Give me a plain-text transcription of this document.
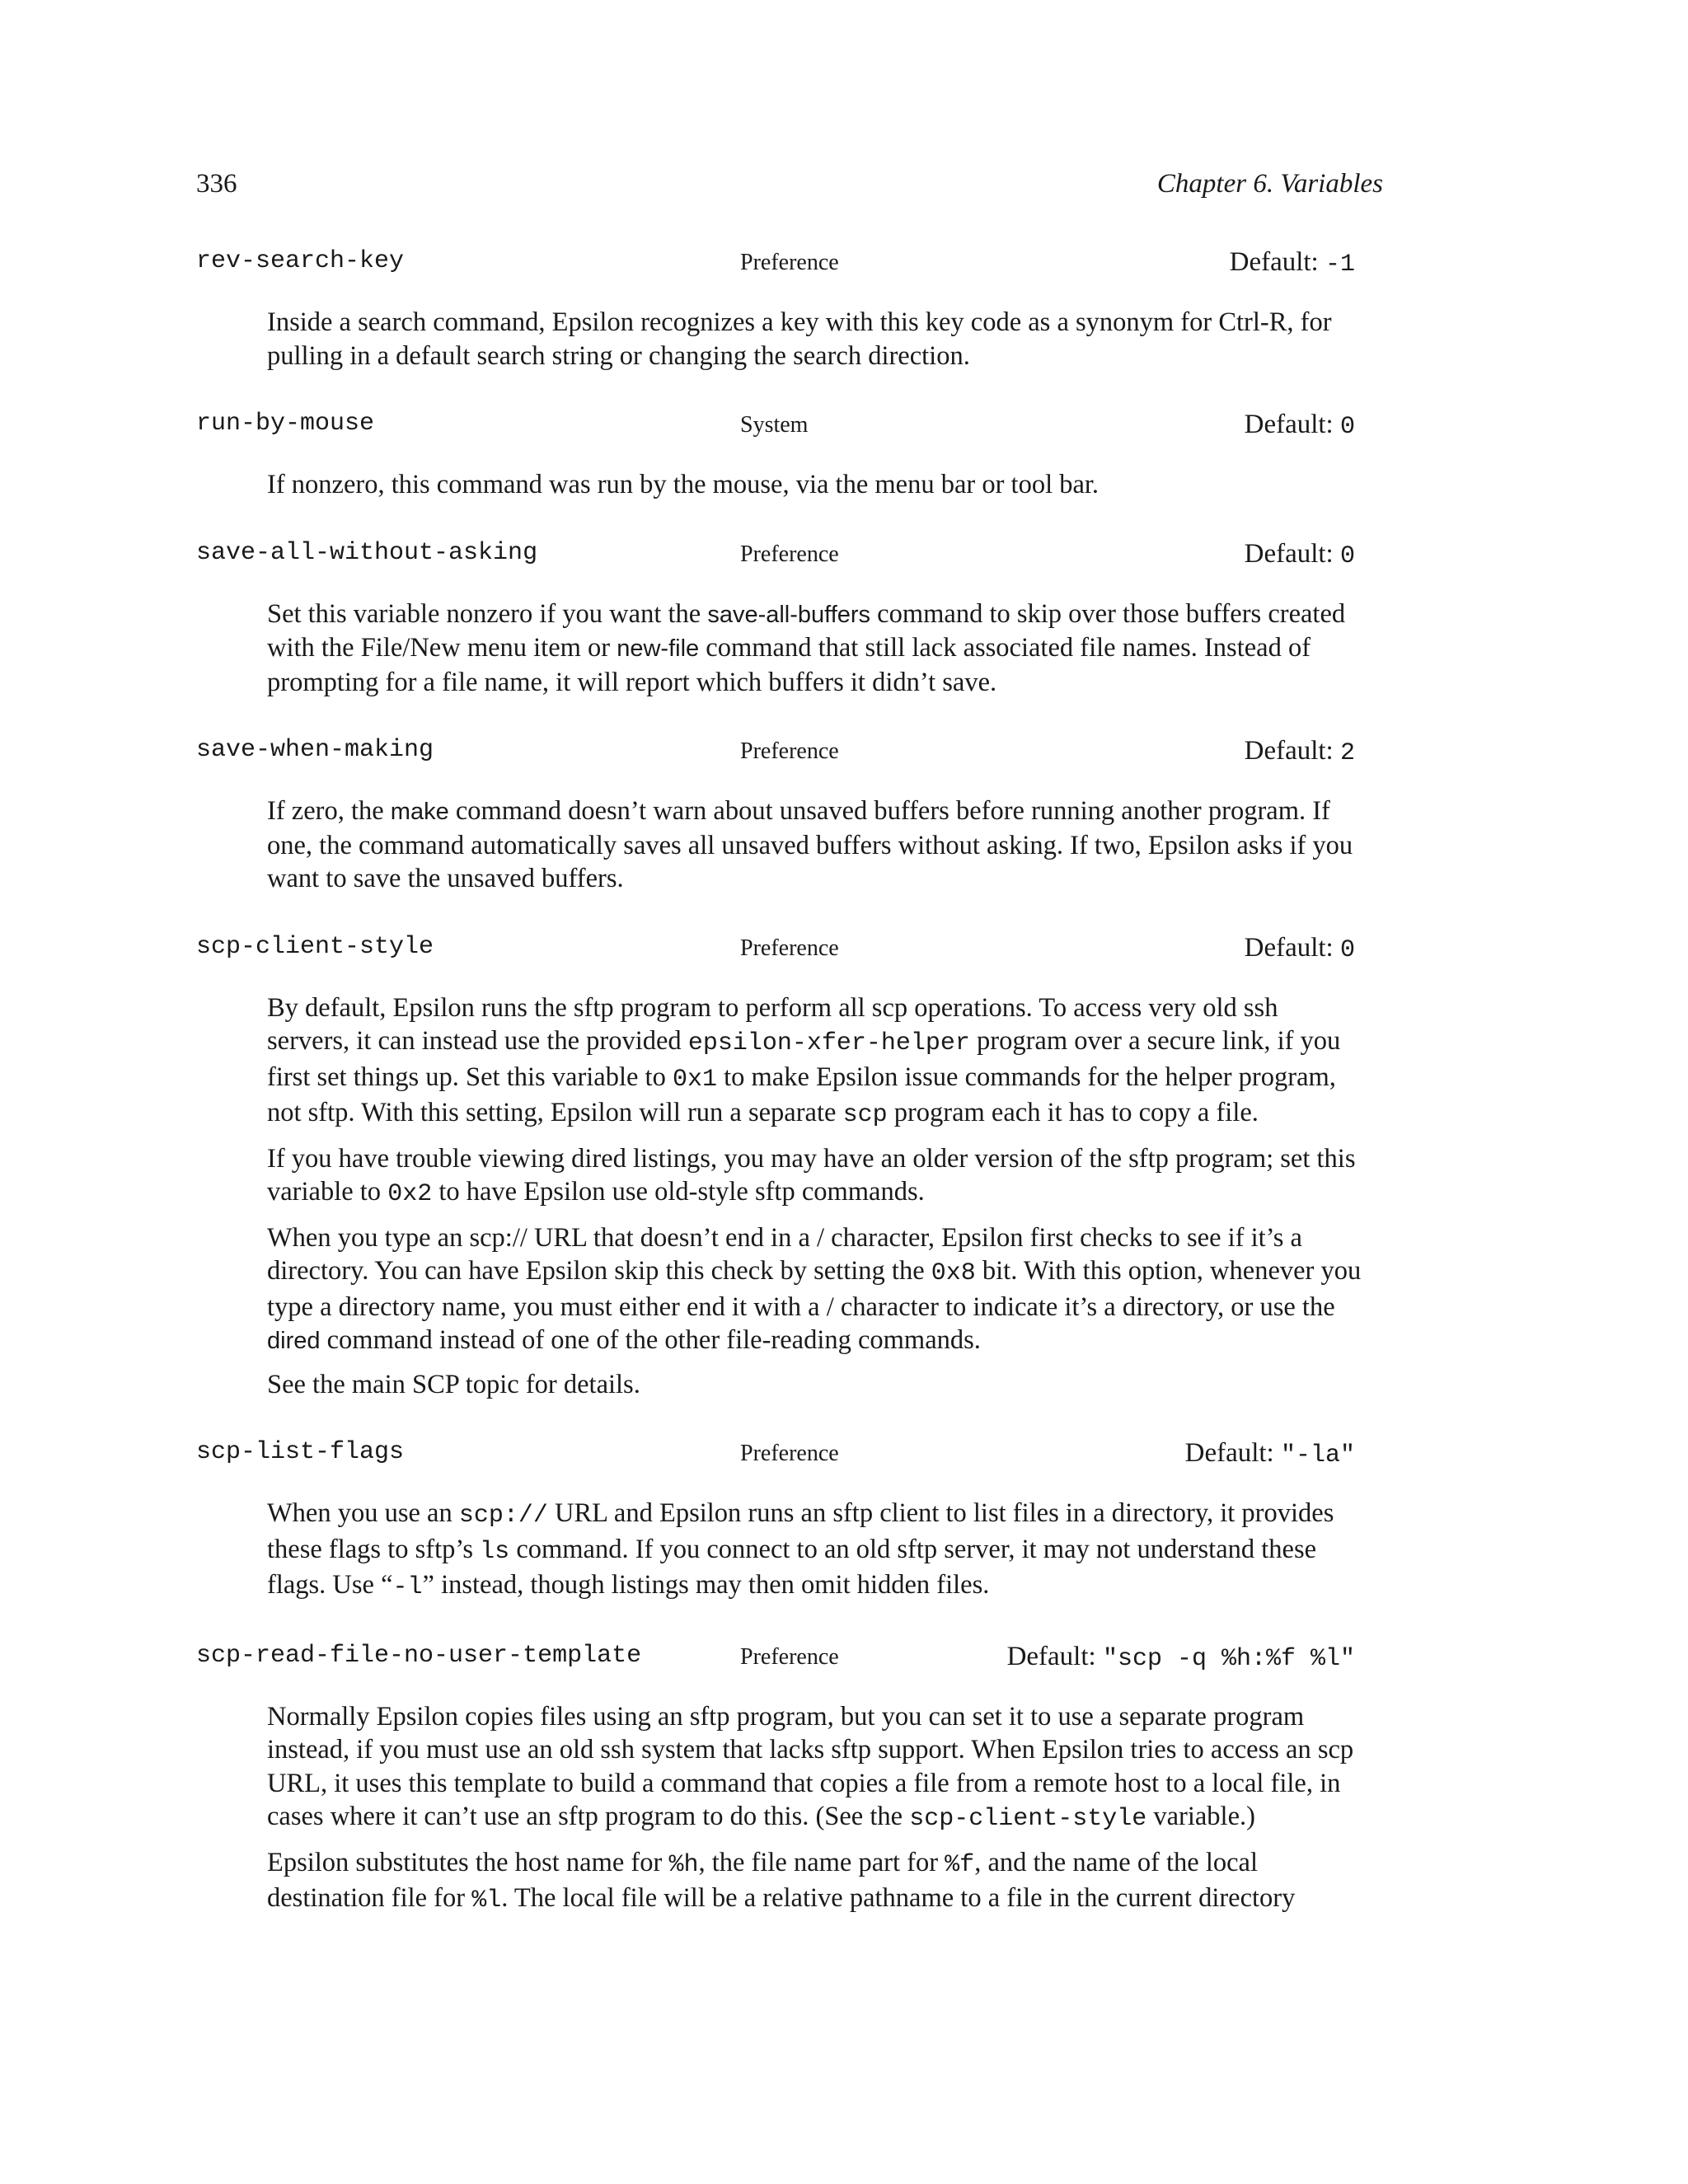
336	Chapter 6. Variables
rev-search-key	Preference	Default: -1

Inside a search command, Epsilon recognizes a key with this key code as a synonym for Ctrl-R, for pulling in a default search string or changing the search direction.

run-by-mouse	System	Default: 0

If nonzero, this command was run by the mouse, via the menu bar or tool bar.

save-all-without-asking	Preference	Default: 0

Set this variable nonzero if you want the save-all-buffers command to skip over those buffers created with the File/New menu item or new-file command that still lack associated file names. Instead of prompting for a file name, it will report which buffers it didn’t save.

save-when-making	Preference	Default: 2

If zero, the make command doesn’t warn about unsaved buffers before running another program. If one, the command automatically saves all unsaved buffers without asking. If two, Epsilon asks if you want to save the unsaved buffers.

scp-client-style	Preference	Default: 0

By default, Epsilon runs the sftp program to perform all scp operations. To access very old ssh servers, it can instead use the provided epsilon-xfer-helper program over a secure link, if you first set things up. Set this variable to 0x1 to make Epsilon issue commands for the helper program, not sftp. With this setting, Epsilon will run a separate scp program each it has to copy a file.

If you have trouble viewing dired listings, you may have an older version of the sftp program; set this variable to 0x2 to have Epsilon use old-style sftp commands.

When you type an scp:// URL that doesn’t end in a / character, Epsilon first checks to see if it’s a directory. You can have Epsilon skip this check by setting the 0x8 bit. With this option, whenever you type a directory name, you must either end it with a / character to indicate it’s a directory, or use the dired command instead of one of the other file-reading commands.

See the main SCP topic for details.

scp-list-flags	Preference	Default: "-la"

When you use an scp:// URL and Epsilon runs an sftp client to list files in a directory, it provides these flags to sftp’s ls command. If you connect to an old sftp server, it may not understand these flags. Use “-l” instead, though listings may then omit hidden files.

scp-read-file-no-user-template	Preference	Default: "scp -q %h:%f %l"

Normally Epsilon copies files using an sftp program, but you can set it to use a separate program instead, if you must use an old ssh system that lacks sftp support. When Epsilon tries to access an scp URL, it uses this template to build a command that copies a file from a remote host to a local file, in cases where it can’t use an sftp program to do this. (See the scp-client-style variable.)

Epsilon substitutes the host name for %h, the file name part for %f, and the name of the local destination file for %l. The local file will be a relative pathname to a file in the current directory
